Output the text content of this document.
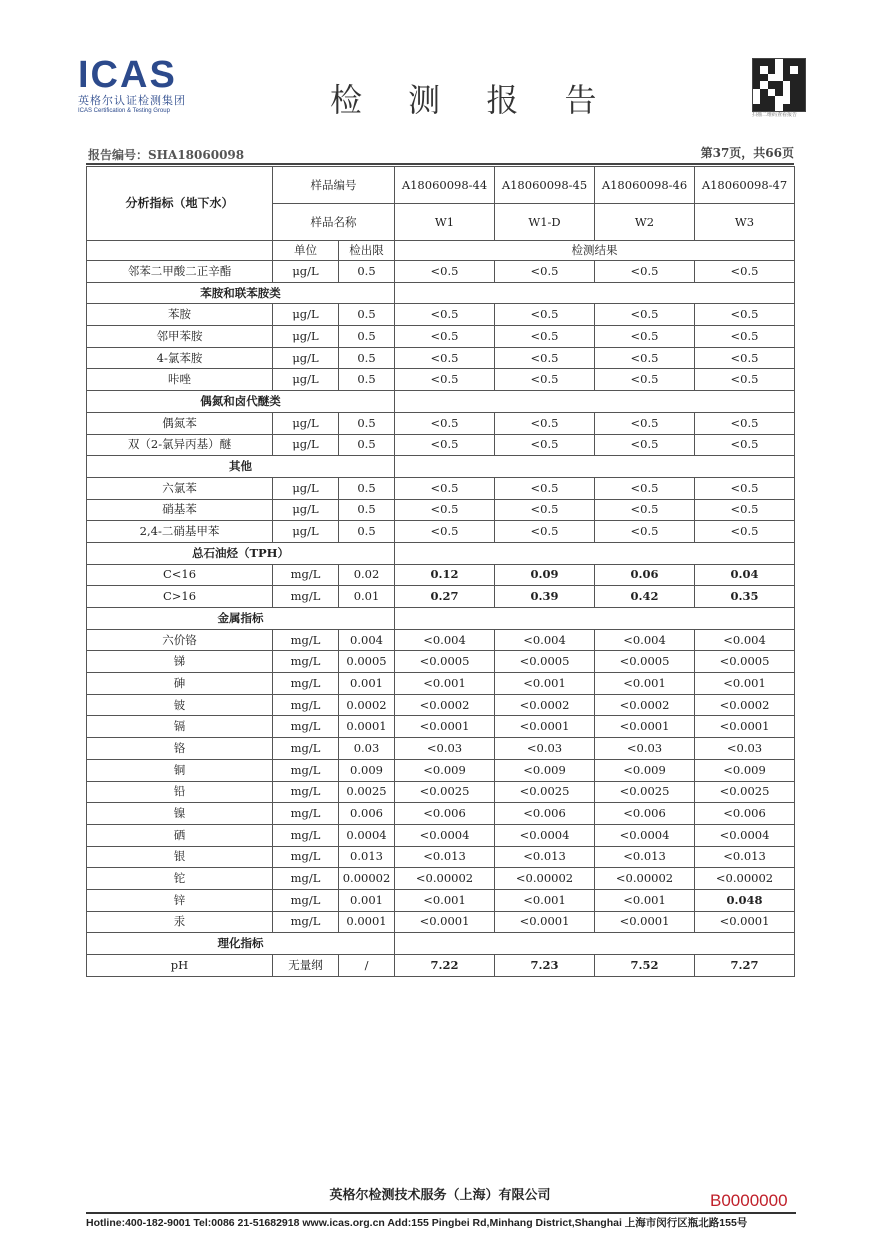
ICAS
英格尔认证检测集团
ICAS Certification & Testing Group	检 测 报 告	扫描二维码查看报告
报告编号：SHA18060098	第37页，共66页
分析指标（地下水）	样品编号		A18060098-44	A18060098-45	A18060098-46	A18060098-47
	样品名称		W1	W1-D	W2	W3
	单位	检出限	检测结果			
邻苯二甲酸二正辛酯	μg/L	0.5	<0.5	<0.5	<0.5	<0.5
苯胺和联苯胺类						
苯胺	μg/L	0.5	<0.5	<0.5	<0.5	<0.5
邻甲苯胺	μg/L	0.5	<0.5	<0.5	<0.5	<0.5
4-氯苯胺	μg/L	0.5	<0.5	<0.5	<0.5	<0.5
咔唑	μg/L	0.5	<0.5	<0.5	<0.5	<0.5
偶氮和卤代醚类						
偶氮苯	μg/L	0.5	<0.5	<0.5	<0.5	<0.5
双（2-氯异丙基）醚	μg/L	0.5	<0.5	<0.5	<0.5	<0.5
其他						
六氯苯	μg/L	0.5	<0.5	<0.5	<0.5	<0.5
硝基苯	μg/L	0.5	<0.5	<0.5	<0.5	<0.5
2,4-二硝基甲苯	μg/L	0.5	<0.5	<0.5	<0.5	<0.5
总石油烃（TPH）						
C<16	mg/L	0.02	0.12	0.09	0.06	0.04
C>16	mg/L	0.01	0.27	0.39	0.42	0.35
金属指标						
六价铬	mg/L	0.004	<0.004	<0.004	<0.004	<0.004
锑	mg/L	0.0005	<0.0005	<0.0005	<0.0005	<0.0005
砷	mg/L	0.001	<0.001	<0.001	<0.001	<0.001
铍	mg/L	0.0002	<0.0002	<0.0002	<0.0002	<0.0002
镉	mg/L	0.0001	<0.0001	<0.0001	<0.0001	<0.0001
铬	mg/L	0.03	<0.03	<0.03	<0.03	<0.03
铜	mg/L	0.009	<0.009	<0.009	<0.009	<0.009
铅	mg/L	0.0025	<0.0025	<0.0025	<0.0025	<0.0025
镍	mg/L	0.006	<0.006	<0.006	<0.006	<0.006
硒	mg/L	0.0004	<0.0004	<0.0004	<0.0004	<0.0004
银	mg/L	0.013	<0.013	<0.013	<0.013	<0.013
铊	mg/L	0.00002	<0.00002	<0.00002	<0.00002	<0.00002
锌	mg/L	0.001	<0.001	<0.001	<0.001	0.048
汞	mg/L	0.0001	<0.0001	<0.0001	<0.0001	<0.0001
理化指标						
pH	无量纲	/	7.22	7.23	7.52	7.27
英格尔检测技术服务（上海）有限公司	B0000000
Hotline:400-182-9001 Tel:0086 21-51682918 www.icas.org.cn Add:155 Pingbei Rd,Minhang District,Shanghai 上海市闵行区瓶北路155号
